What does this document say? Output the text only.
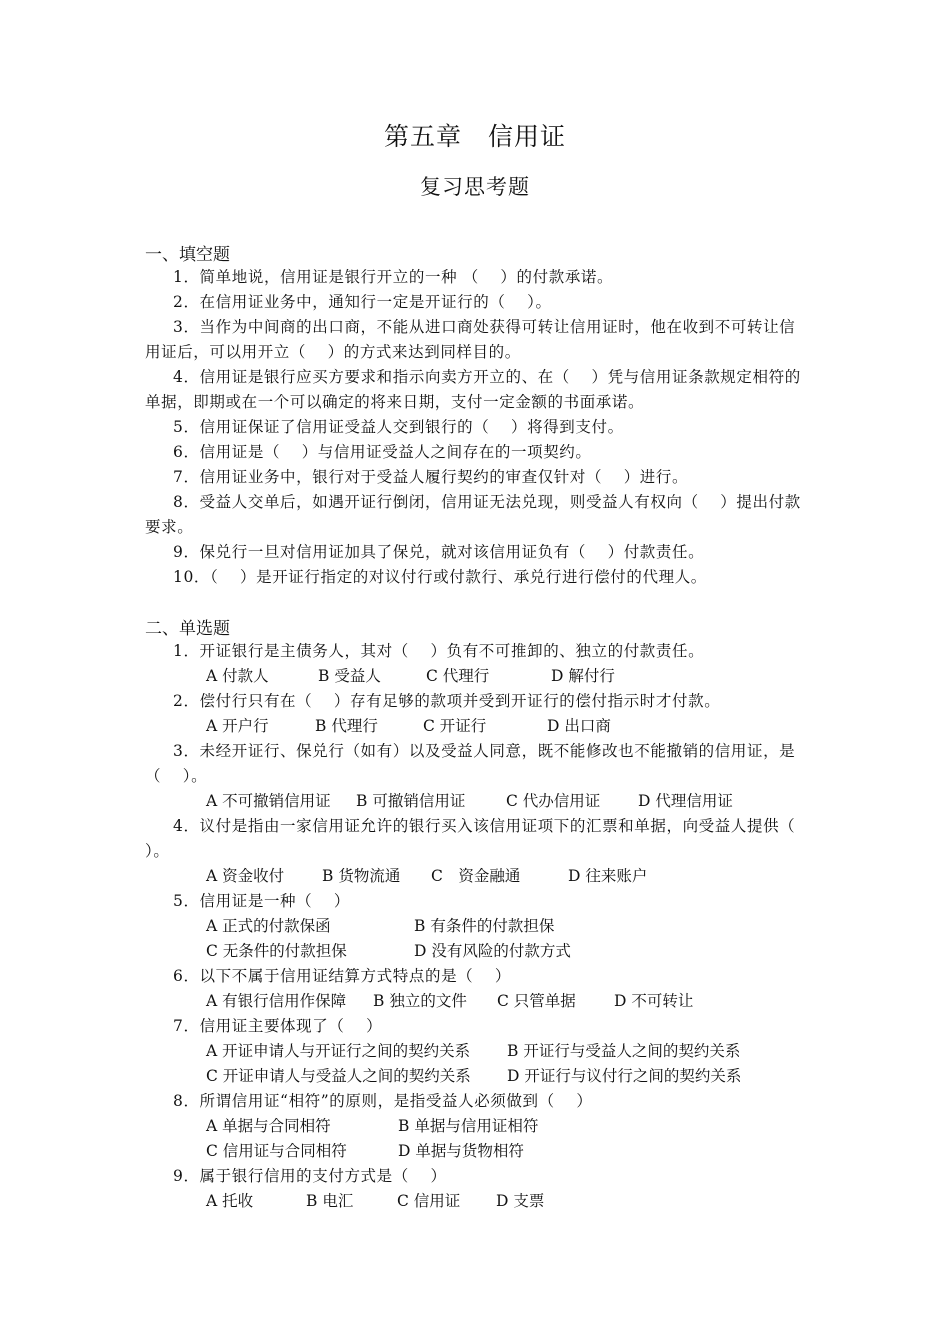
第五章　信用证
复习思考题
一、填空题
1．简单地说，信用证是银行开立的一种 （　 ）的付款承诺。
2．在信用证业务中，通知行一定是开证行的（　 ）。
3．当作为中间商的出口商，不能从进口商处获得可转让信用证时，他在收到不可转让信用证后，可以用开立（　 ）的方式来达到同样目的。
4．信用证是银行应买方要求和指示向卖方开立的、在（　 ）凭与信用证条款规定相符的单据，即期或在一个可以确定的将来日期，支付一定金额的书面承诺。
5．信用证保证了信用证受益人交到银行的（　 ）将得到支付。
6．信用证是（　 ）与信用证受益人之间存在的一项契约。
7．信用证业务中，银行对于受益人履行契约的审查仅针对（　 ）进行。
8．受益人交单后，如遇开证行倒闭，信用证无法兑现，则受益人有权向（　 ）提出付款要求。
9．保兑行一旦对信用证加具了保兑，就对该信用证负有（　 ）付款责任。
10．（　 ）是开证行指定的对议付行或付款行、承兑行进行偿付的代理人。
二、单选题
1．开证银行是主债务人，其对（　 ）负有不可推卸的、独立的付款责任。
A 付款人	B 受益人	C 代理行	D 解付行
2．偿付行只有在（　 ）存有足够的款项并受到开证行的偿付指示时才付款。
A 开户行	B 代理行	C 开证行	D 出口商
3．未经开证行、保兑行（如有）以及受益人同意，既不能修改也不能撤销的信用证，是（　 ）。
A 不可撤销信用证 B 可撤销信用证	C 代办信用证 D 代理信用证
4．议付是指由一家信用证允许的银行买入该信用证项下的汇票和单据，向受益人提供（　 ）。
A 资金收付 B 货物流通 C　资金融通	D 往来账户
5．信用证是一种（　 ）
A 正式的付款保函	B 有条件的付款担保
C 无条件的付款担保	D 没有风险的付款方式
6．以下不属于信用证结算方式特点的是（　 ）
A 有银行信用作保障 B 独立的文件 C 只管单据 D 不可转让
7．信用证主要体现了（　 ）
A 开证申请人与开证行之间的契约关系 B 开证行与受益人之间的契约关系
C 开证申请人与受益人之间的契约关系 D 开证行与议付行之间的契约关系
8．所谓信用证“相符”的原则，是指受益人必须做到（　 ）
A 单据与合同相符	B 单据与信用证相符
C 信用证与合同相符	D 单据与货物相符
9．属于银行信用的支付方式是（　 ）
A 托收	B 电汇	C 信用证 D 支票
